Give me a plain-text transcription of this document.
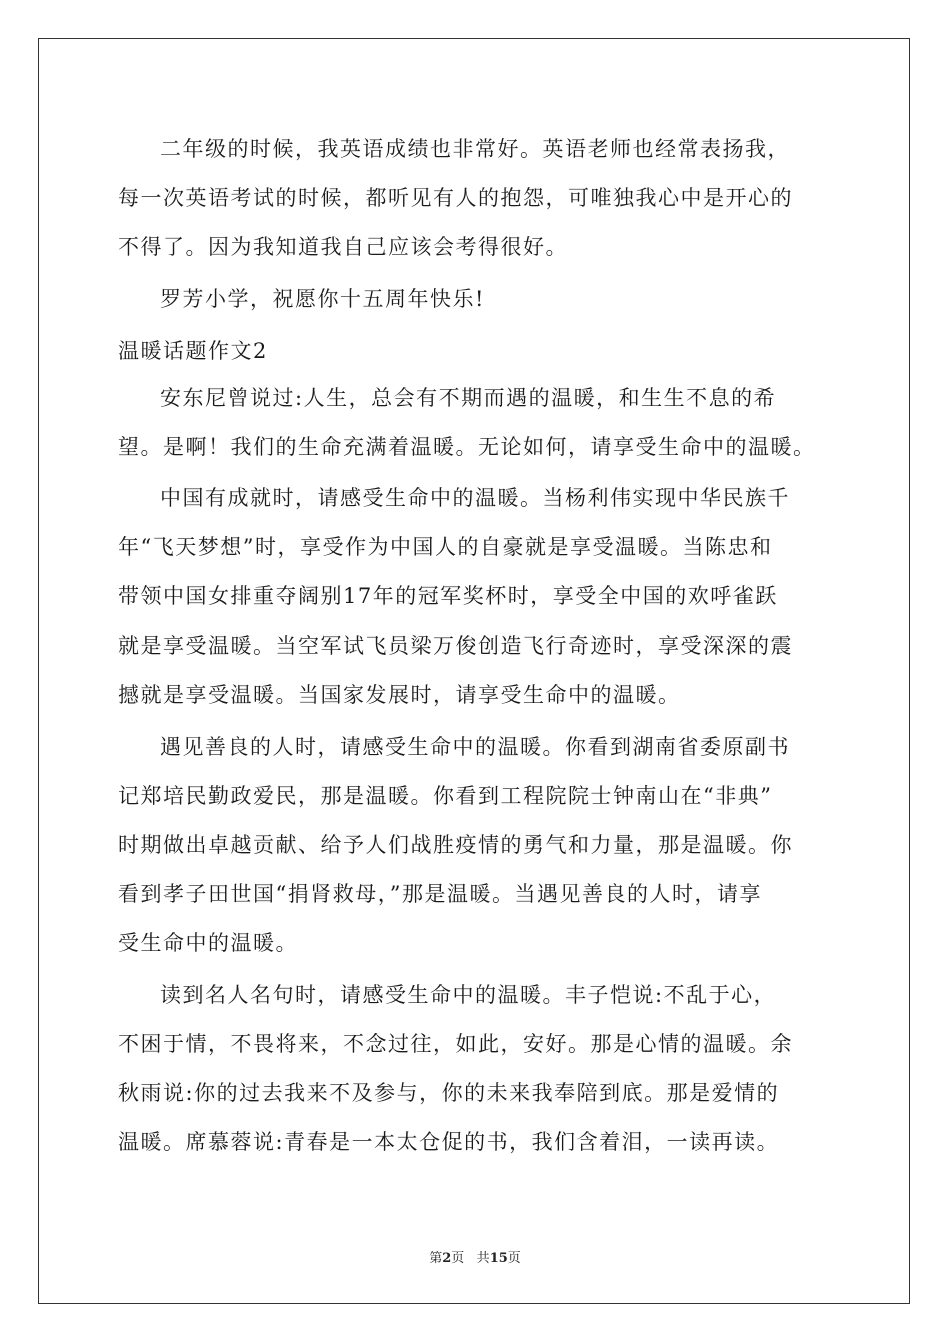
二年级的时候，我英语成绩也非常好。英语老师也经常表扬我，
每一次英语考试的时候，都听见有人的抱怨，可唯独我心中是开心的
不得了。因为我知道我自己应该会考得很好。
罗芳小学，祝愿你十五周年快乐!
温暖话题作文2
安东尼曾说过:人生，总会有不期而遇的温暖，和生生不息的希
望。是啊！我们的生命充满着温暖。无论如何，请享受生命中的温暖。
中国有成就时，请感受生命中的温暖。当杨利伟实现中华民族千
年“飞天梦想”时，享受作为中国人的自豪就是享受温暖。当陈忠和
带领中国女排重夺阔别17年的冠军奖杯时，享受全中国的欢呼雀跃
就是享受温暖。当空军试飞员梁万俊创造飞行奇迹时，享受深深的震
撼就是享受温暖。当国家发展时，请享受生命中的温暖。
遇见善良的人时，请感受生命中的温暖。你看到湖南省委原副书
记郑培民勤政爱民，那是温暖。你看到工程院院士钟南山在“非典”
时期做出卓越贡献、给予人们战胜疫情的勇气和力量，那是温暖。你
看到孝子田世国“捐肾救母，”那是温暖。当遇见善良的人时，请享
受生命中的温暖。
读到名人名句时，请感受生命中的温暖。丰子恺说:不乱于心，
不困于情，不畏将来，不念过往，如此，安好。那是心情的温暖。余
秋雨说:你的过去我来不及参与，你的未来我奉陪到底。那是爱情的
温暖。席慕蓉说:青春是一本太仓促的书，我们含着泪，一读再读。
第2页 共15页
